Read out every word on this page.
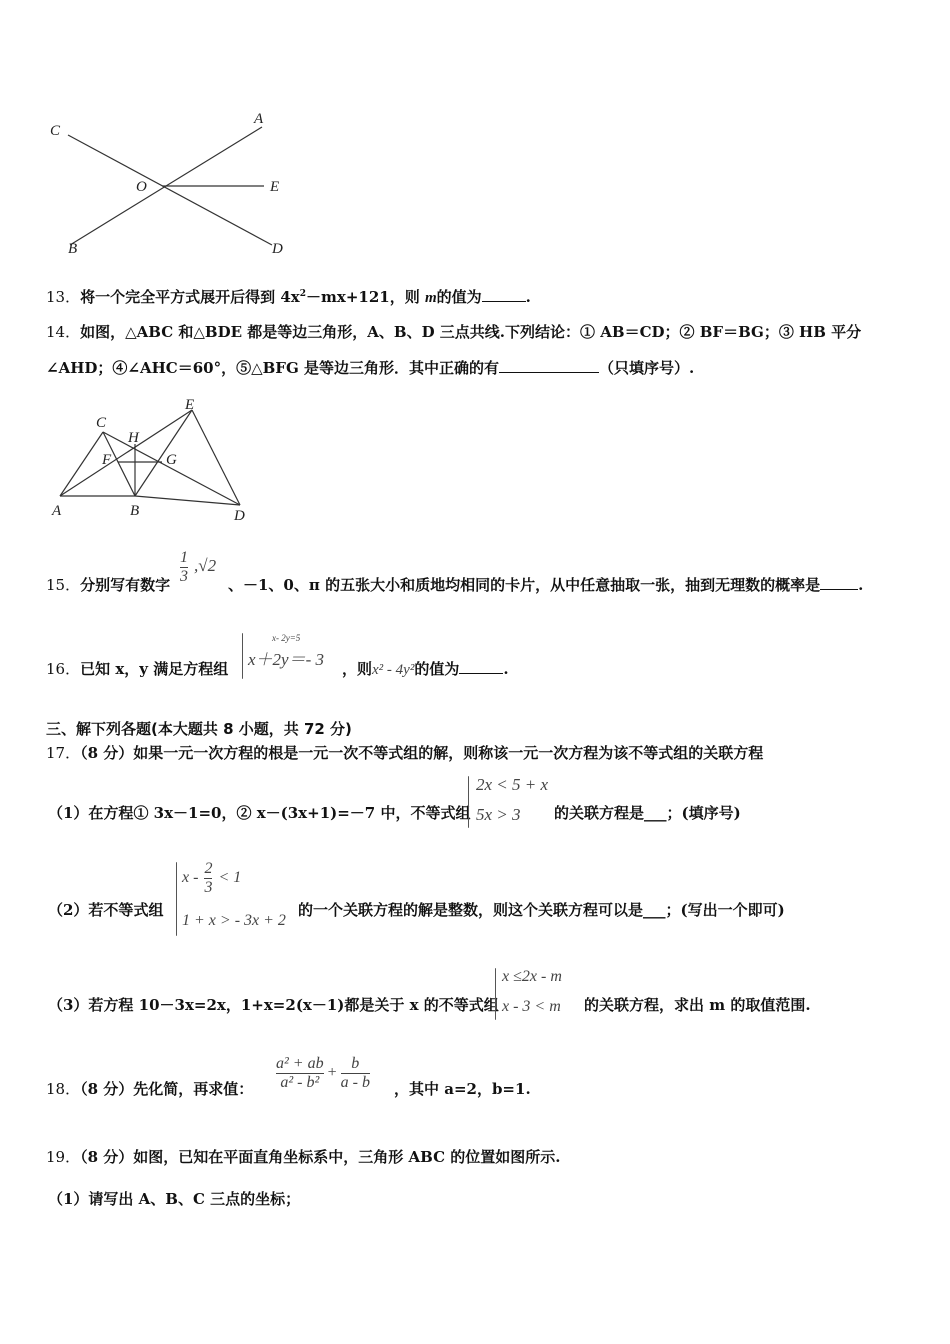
C
A
O	E
B	D
13．将一个完全平方式展开后得到 $4x^2-mx+121$，则 m的值为	.
14．如图，△ABC 和△BDE 都是等边三角形，A、B、D 三点共线.下列结论：① AB＝CD；② BF＝BG；③ HB 平分
∠AHD；④∠AHC＝60°，⑤△BFG 是等边三角形．其中正确的有	（只填序号）.
E
C
H
F	G
A	B	D
15．分别写有数字 $\frac{1}{3} ,√2$
、－1、0、π 的五张大小和质地均相同的卡片，从中任意抽取一张，抽到无理数的概率是	.
16．已知 x，y 满足方程组
x- 2y=5
x＋2y＝- 3 ，则x² - 4y²的值为	.
三、解下列各题(本大题共 8 小题，共 72 分)
17．（8 分）如果一元一次方程的根是一元一次不等式组的解，则称该一元一次方程为该不等式组的关联方程
（1）在方程① 3x－1=0，② x－(3x+1)=－7 中，不等式组
2x < 5 + x
5x > 3 的关联方程是___；(填序号)
（2）若不等式组
$x - \frac{2}{3} < 1$
1 + x > - 3x + 2
的一个关联方程的解是整数，则这个关联方程可以是___；(写出一个即可)
（3）若方程 10－3x=2x，1+x=2(x－1)都是关于 x 的不等式组
x ≤2x - m
x - 3 < m 的关联方程，求出 m 的取值范围.
18．（8 分）先化简，再求值： $\frac{\text{a² + ab}}{\text{a² - b²}} + \frac{b}{a - b}$ ，其中 a=2，b=1.
19．（8 分）如图，已知在平面直角坐标系中，三角形 ABC 的位置如图所示.
（1）请写出 A、B、C 三点的坐标；
